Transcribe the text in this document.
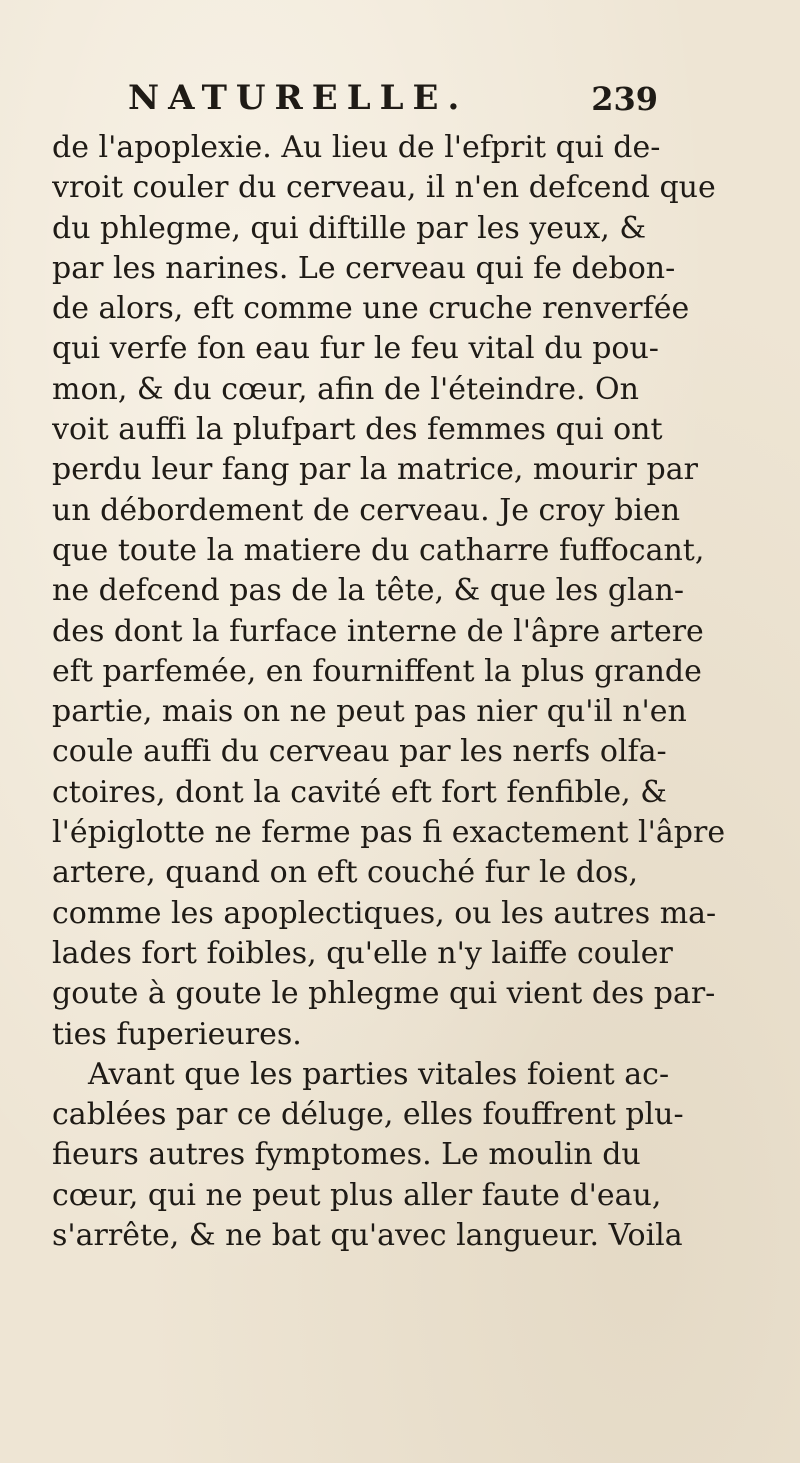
NATURELLE.	239
de l'apoplexie. Au lieu de l'efprit qui de-
vroit couler du cerveau, il n'en defcend que
du phlegme, qui diftille par les yeux, &
par les narines. Le cerveau qui fe debon-
de alors, eft comme une cruche renverfée
qui verfe fon eau fur le feu vital du pou-
mon, & du cœur, afin de l'éteindre. On
voit auffi la plufpart des femmes qui ont
perdu leur fang par la matrice, mourir par
un débordement de cerveau. Je croy bien
que toute la matiere du catharre fuffocant,
ne defcend pas de la tête, & que les glan-
des dont la furface interne de l'âpre artere
eft parfemée, en fourniffent la plus grande
partie, mais on ne peut pas nier qu'il n'en
coule auffi du cerveau par les nerfs olfa-
ctoires, dont la cavité eft fort fenfible, &
l'épiglotte ne ferme pas fi exactement l'âpre
artere, quand on eft couché fur le dos,
comme les apoplectiques, ou les autres ma-
lades fort foibles, qu'elle n'y laiffe couler
goute à goute le phlegme qui vient des par-
ties fuperieures.
Avant que les parties vitales foient ac-
cablées par ce déluge, elles fouffrent plu-
fieurs autres fymptomes. Le moulin du
cœur, qui ne peut plus aller faute d'eau,
s'arrête, & ne bat qu'avec langueur. Voila
